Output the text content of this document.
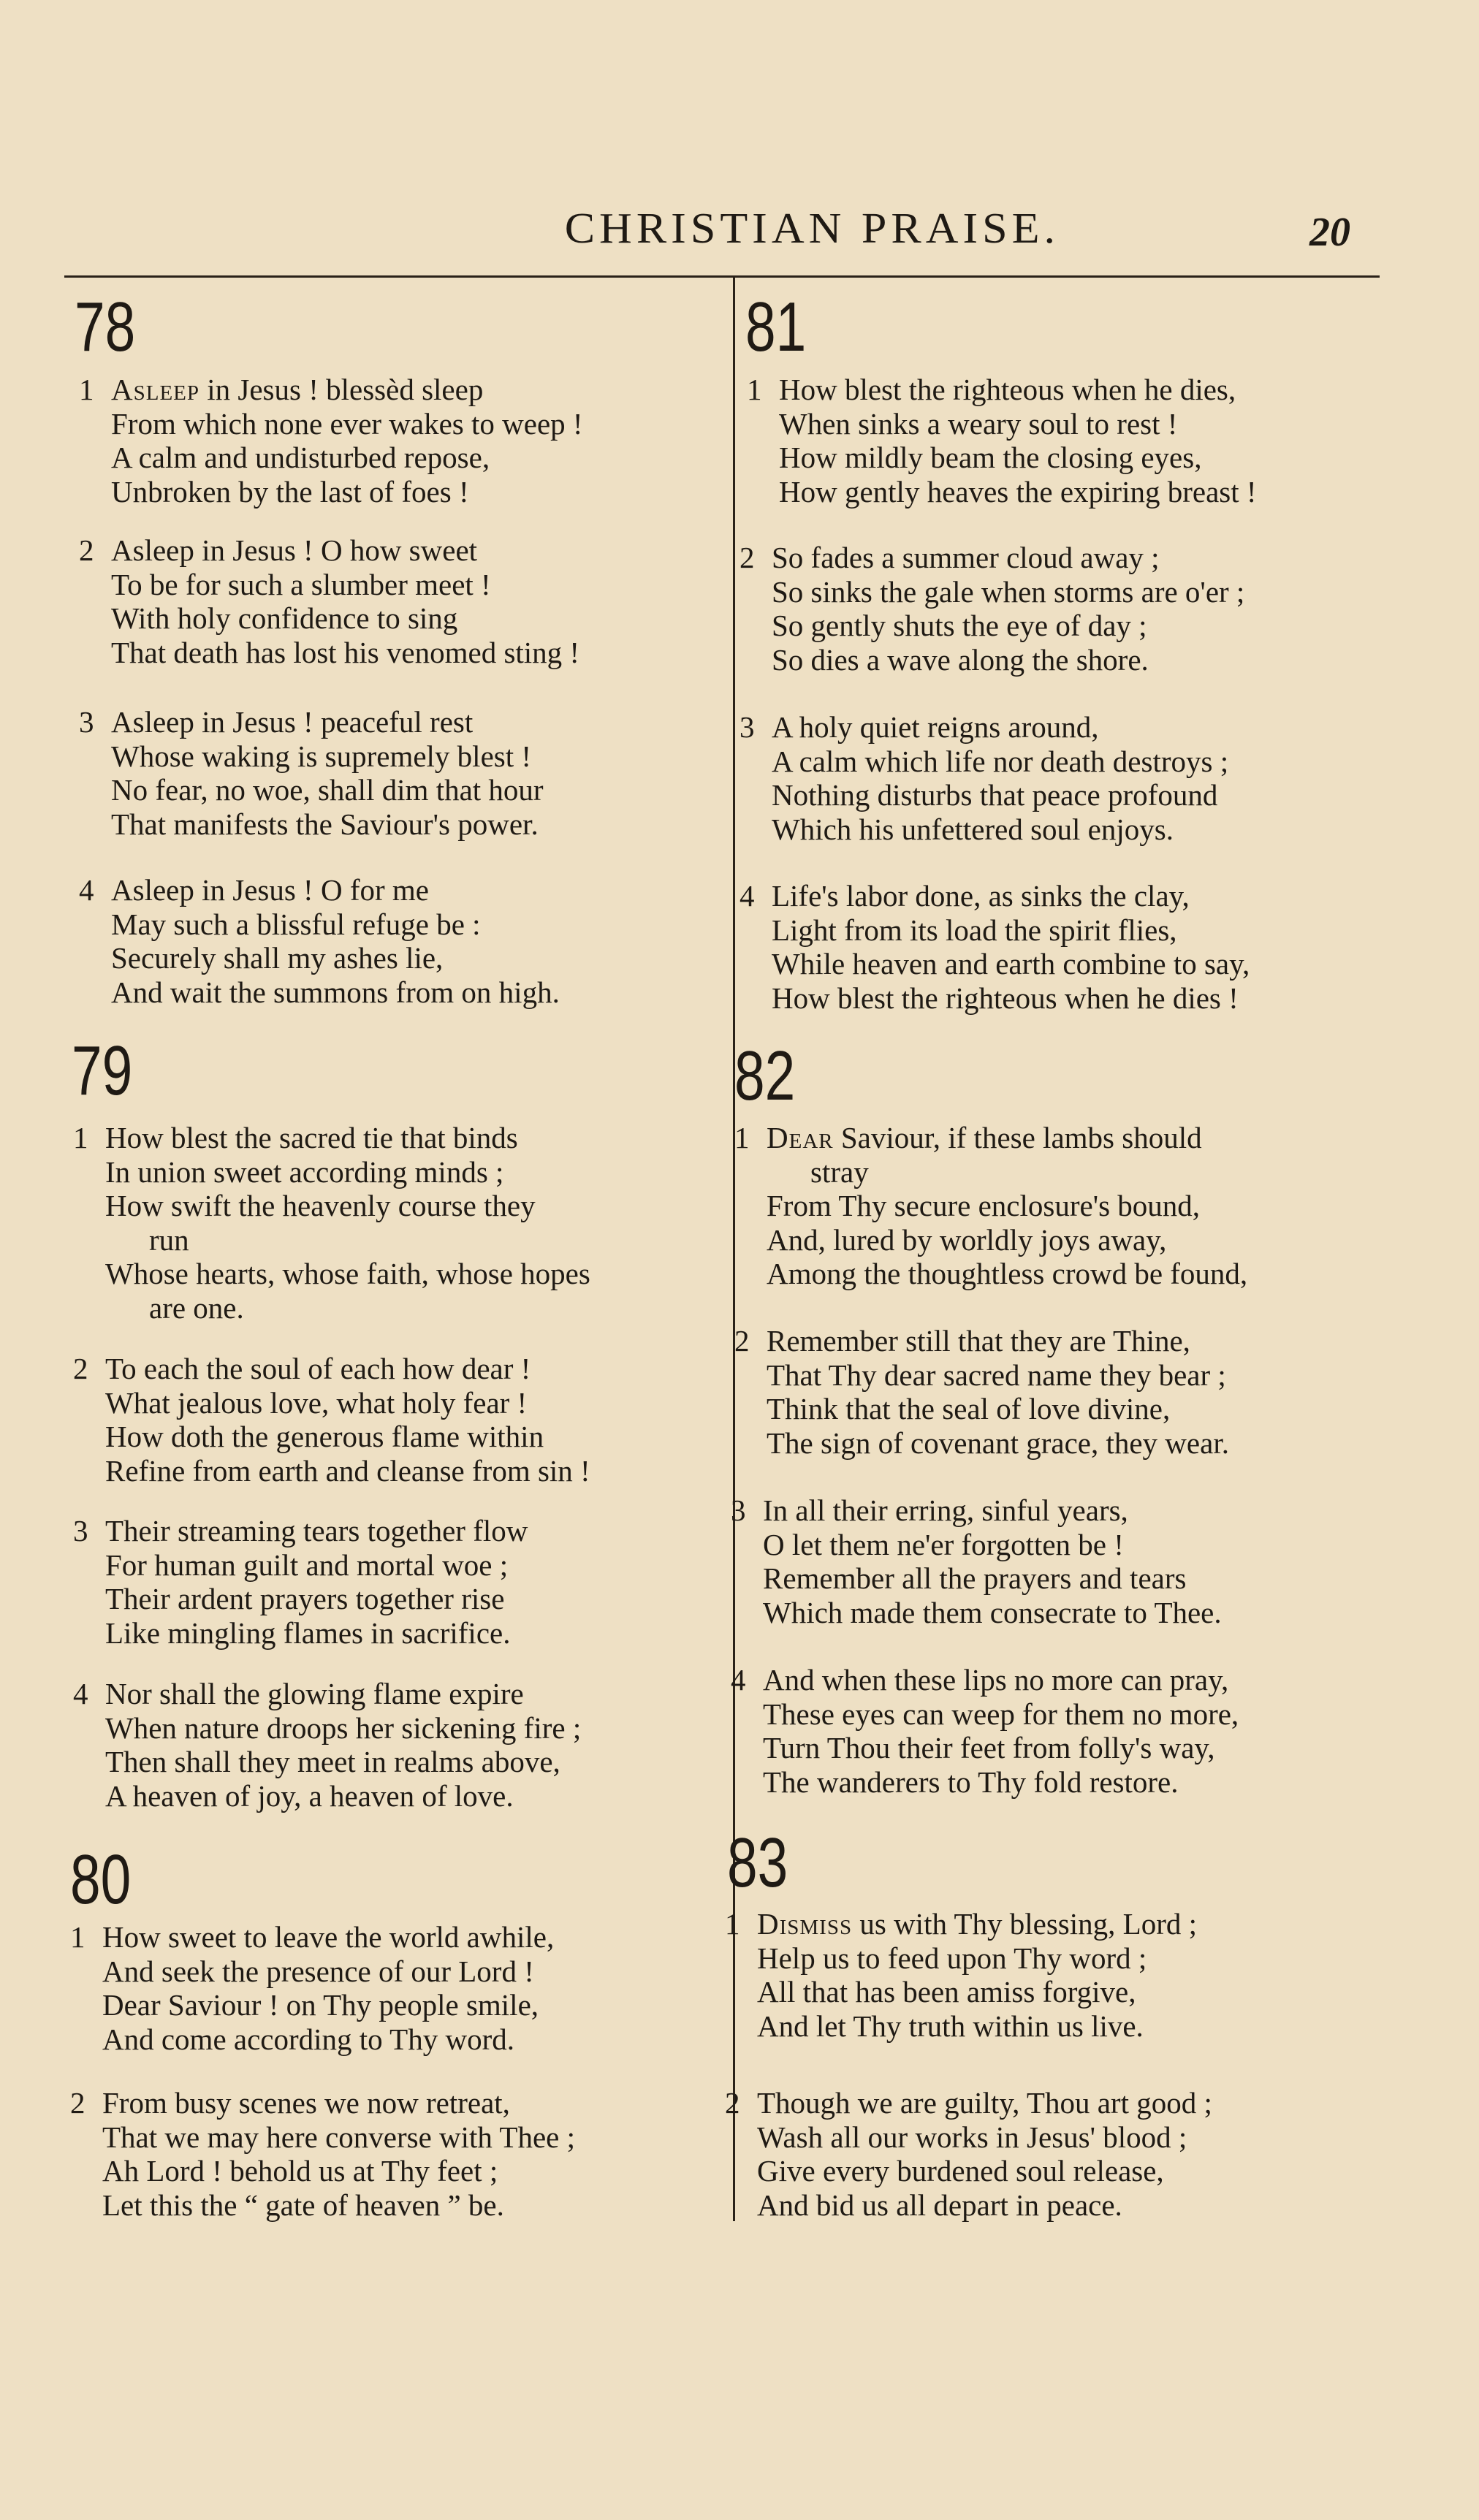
CHRISTIAN PRAISE.	20
78
1 Asleep in Jesus ! blessèd sleep
From which none ever wakes to weep !
A calm and undisturbed repose,
Unbroken by the last of foes !
2 Asleep in Jesus ! O how sweet
To be for such a slumber meet !
With holy confidence to sing
That death has lost his venomed sting !
3 Asleep in Jesus ! peaceful rest
Whose waking is supremely blest !
No fear, no woe, shall dim that hour
That manifests the Saviour's power.
4 Asleep in Jesus ! O for me
May such a blissful refuge be :
Securely shall my ashes lie,
And wait the summons from on high.
79
1 How blest the sacred tie that binds
In union sweet according minds ;
How swift the heavenly course they
run
Whose hearts, whose faith, whose hopes
are one.
2 To each the soul of each how dear !
What jealous love, what holy fear !
How doth the generous flame within
Refine from earth and cleanse from sin !
3 Their streaming tears together flow
For human guilt and mortal woe ;
Their ardent prayers together rise
Like mingling flames in sacrifice.
4 Nor shall the glowing flame expire
When nature droops her sickening fire ;
Then shall they meet in realms above,
A heaven of joy, a heaven of love.
80
1 How sweet to leave the world awhile,
And seek the presence of our Lord !
Dear Saviour ! on Thy people smile,
And come according to Thy word.
2 From busy scenes we now retreat,
That we may here converse with Thee ;
Ah Lord ! behold us at Thy feet ;
Let this the “ gate of heaven ” be.
81
1 How blest the righteous when he dies,
When sinks a weary soul to rest !
How mildly beam the closing eyes,
How gently heaves the expiring breast !
2 So fades a summer cloud away ;
So sinks the gale when storms are o'er ;
So gently shuts the eye of day ;
So dies a wave along the shore.
3 A holy quiet reigns around,
A calm which life nor death destroys ;
Nothing disturbs that peace profound
Which his unfettered soul enjoys.
4 Life's labor done, as sinks the clay,
Light from its load the spirit flies,
While heaven and earth combine to say,
How blest the righteous when he dies !
82
1 Dear Saviour, if these lambs should
stray
From Thy secure enclosure's bound,
And, lured by worldly joys away,
Among the thoughtless crowd be found,
2 Remember still that they are Thine,
That Thy dear sacred name they bear ;
Think that the seal of love divine,
The sign of covenant grace, they wear.
3 In all their erring, sinful years,
O let them ne'er forgotten be !
Remember all the prayers and tears
Which made them consecrate to Thee.
4 And when these lips no more can pray,
These eyes can weep for them no more,
Turn Thou their feet from folly's way,
The wanderers to Thy fold restore.
83
1 Dismiss us with Thy blessing, Lord ;
Help us to feed upon Thy word ;
All that has been amiss forgive,
And let Thy truth within us live.
2 Though we are guilty, Thou art good ;
Wash all our works in Jesus' blood ;
Give every burdened soul release,
And bid us all depart in peace.
